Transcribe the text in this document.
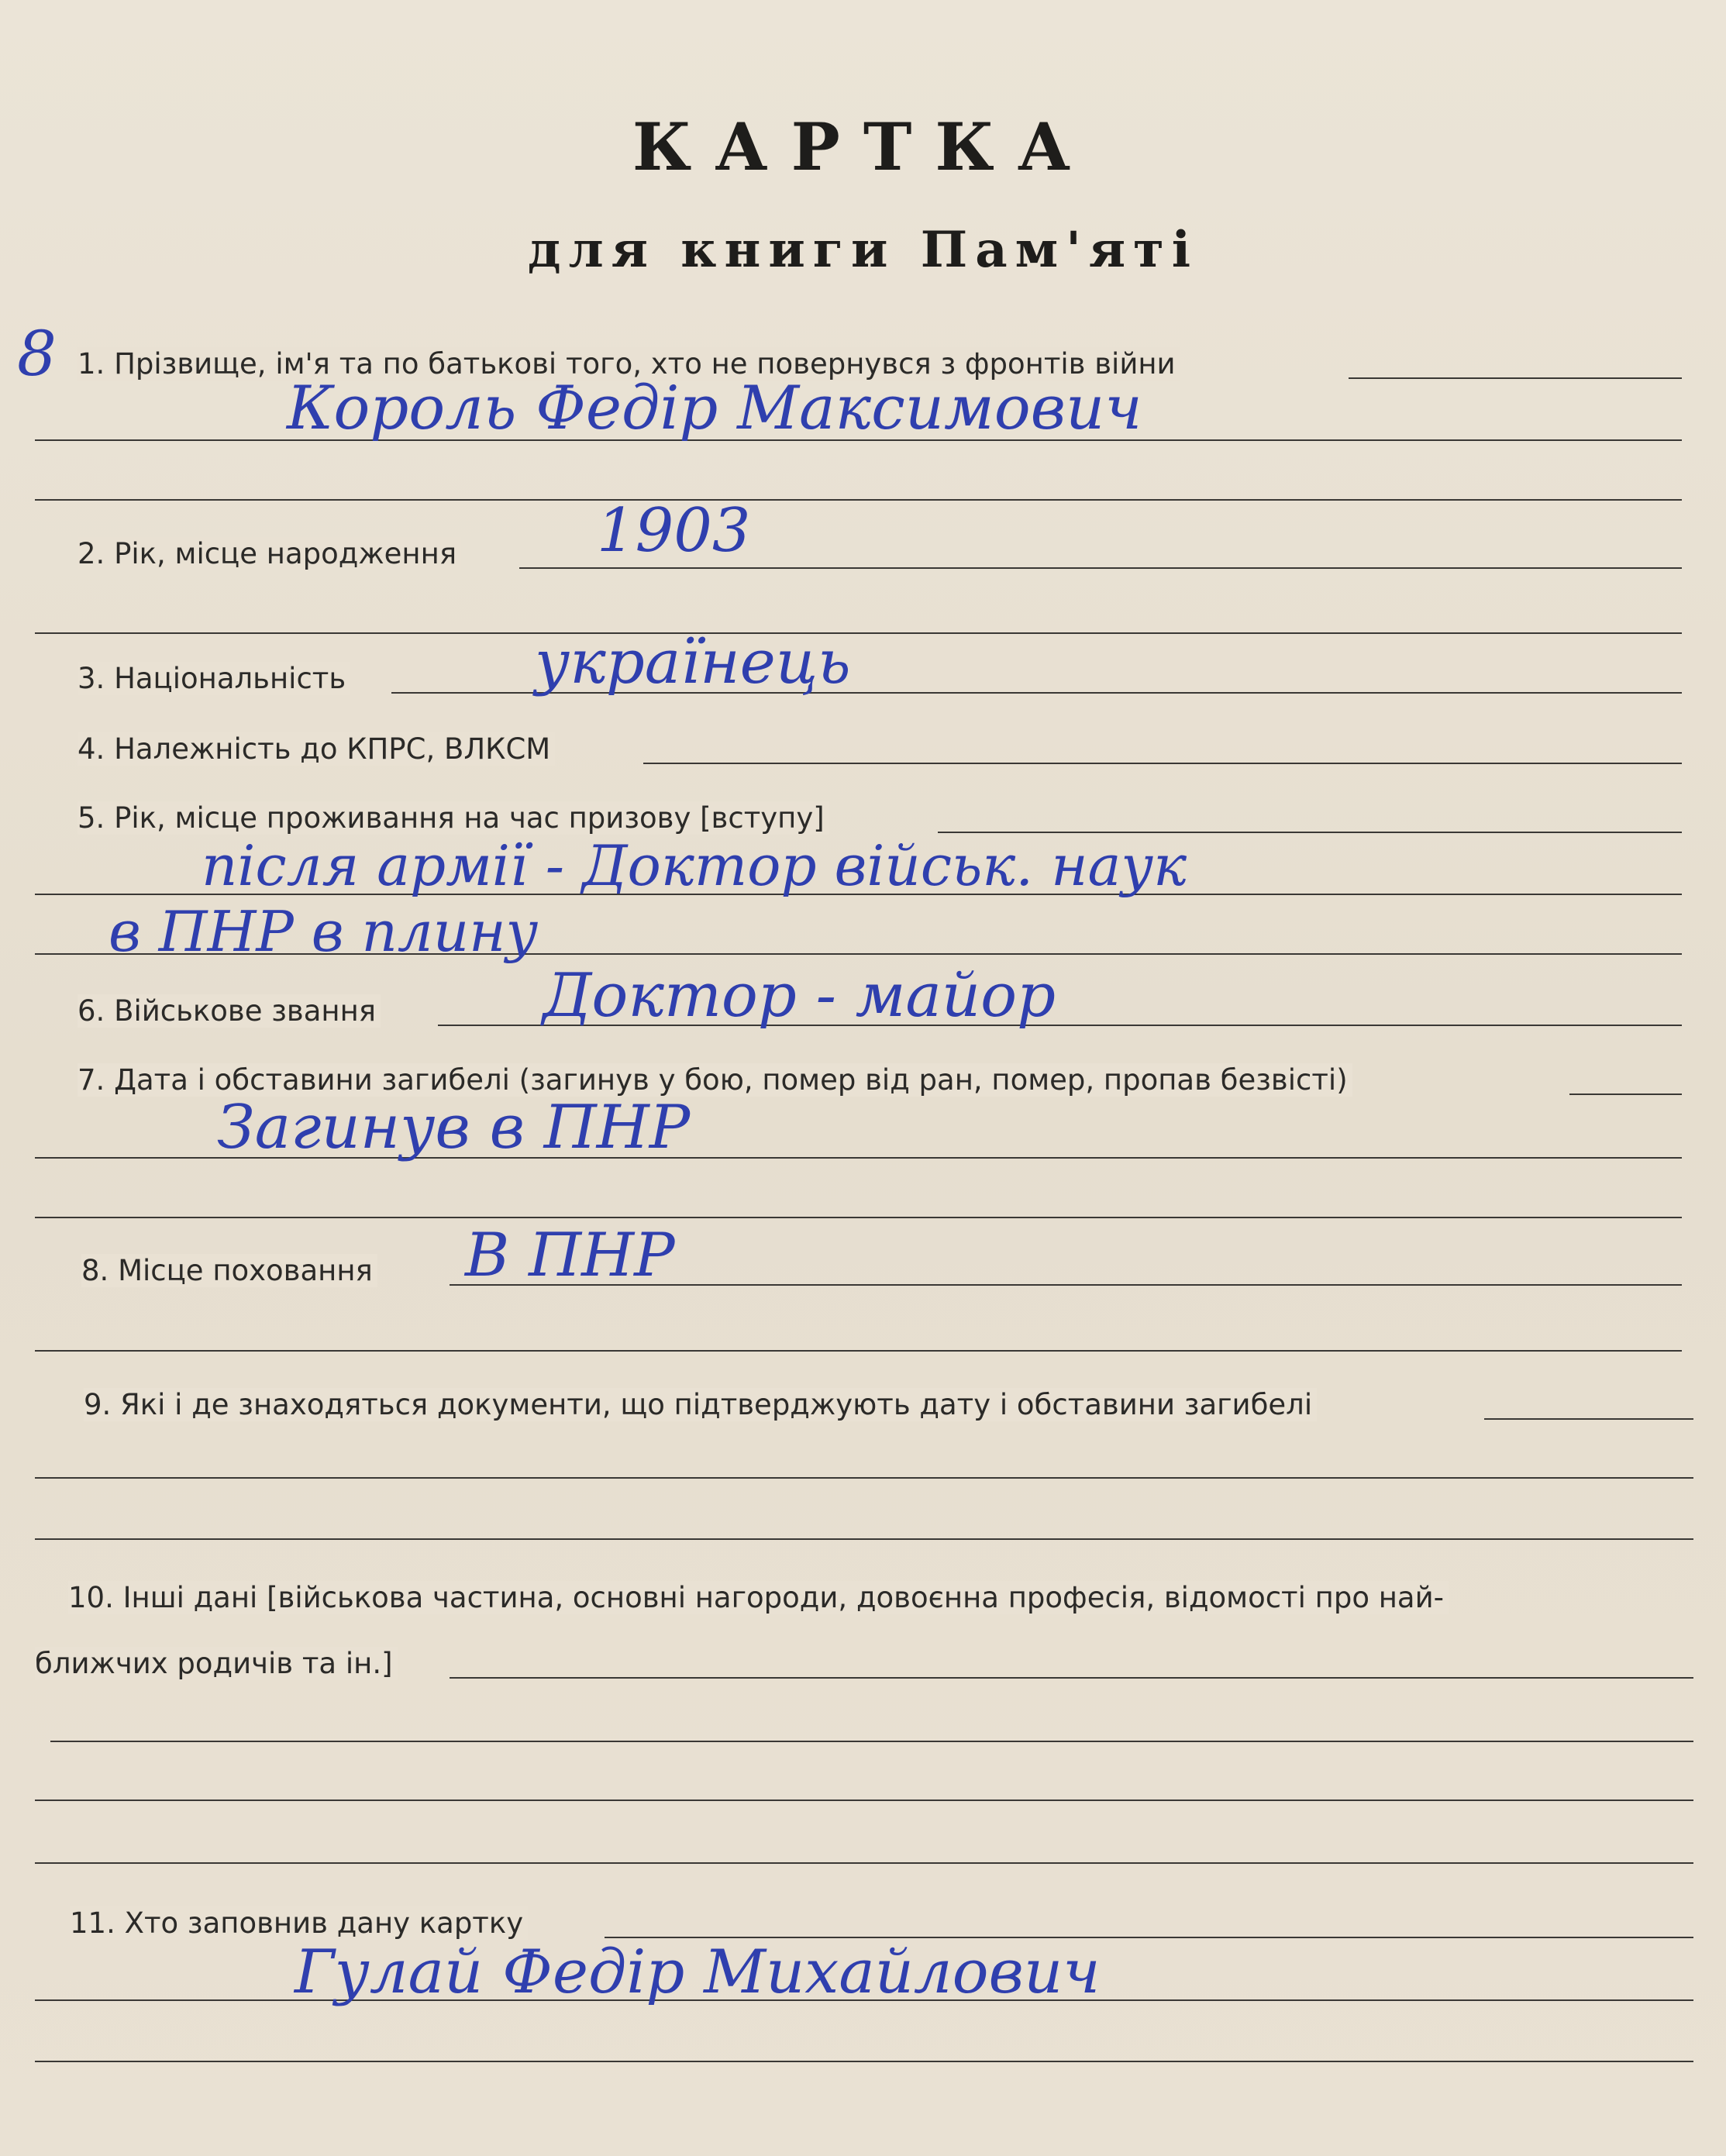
КАРТКА
для книги Пам'яті
8 1. Прізвище, ім'я та по батькові того, хто не повернувся з фронтів війни
Король Федір Максимович
2. Рік, місце народження 1903
3. Національність	українець
4. Належність до КПРС, ВЛКСМ
5. Рік, місце проживання на час призову [вступу]
після армії - Доктор військ. наук
в ПНР в плину
6. Військове звання	Доктор - майор
7. Дата і обставини загибелі (загинув у бою, помер від ран, помер, пропав безвісті)
Загинув в ПНР
8. Місце поховання В ПНР
9. Які і де знаходяться документи, що підтверджують дату і обставини загибелі
10. Інші дані [військова частина, основні нагороди, довоєнна професія, відомості про най-
ближчих родичів та ін.]
11. Хто заповнив дану картку
Гулай Федір Михайлович
